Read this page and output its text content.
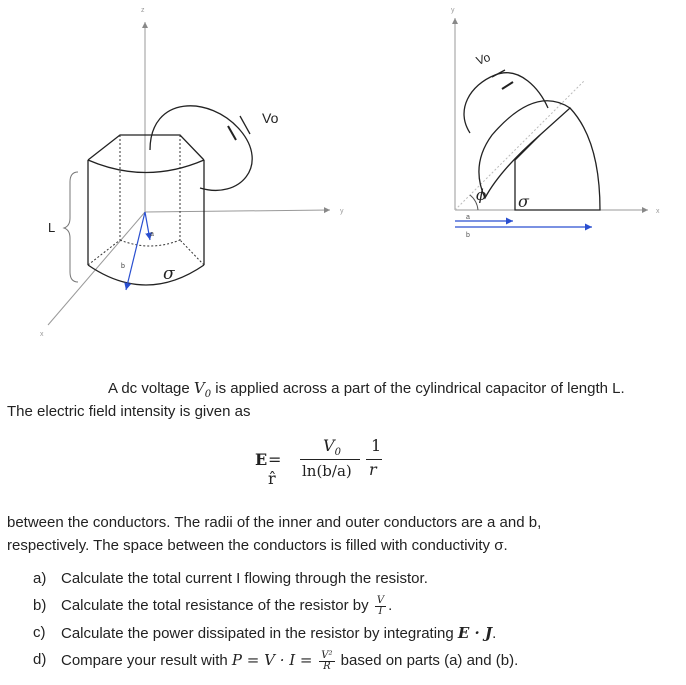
z
y
x
Vo
a
b σ
L
y
x
Vo
ϕ σ
a
b

A dc voltage $V_0$ is applied across a part of the cylindrical capacitor of length L.

The electric field intensity is given as

E = r̂
$V_0$
ln(b/a)
1
r

between the conductors. The radii of the inner and outer conductors are a and b,

respectively. The space between the conductors is filled with conductivity σ.

a) Calculate the total current I flowing through the resistor.
b) Calculate the total resistance of the resistor by $\frac{V}{I}$ .
c) Calculate the power dissipated in the resistor by integrating E · J.
d) Compare your result with $P = V \cdot I = \frac{\text{V²}}{R}$ based on parts (a) and (b).
